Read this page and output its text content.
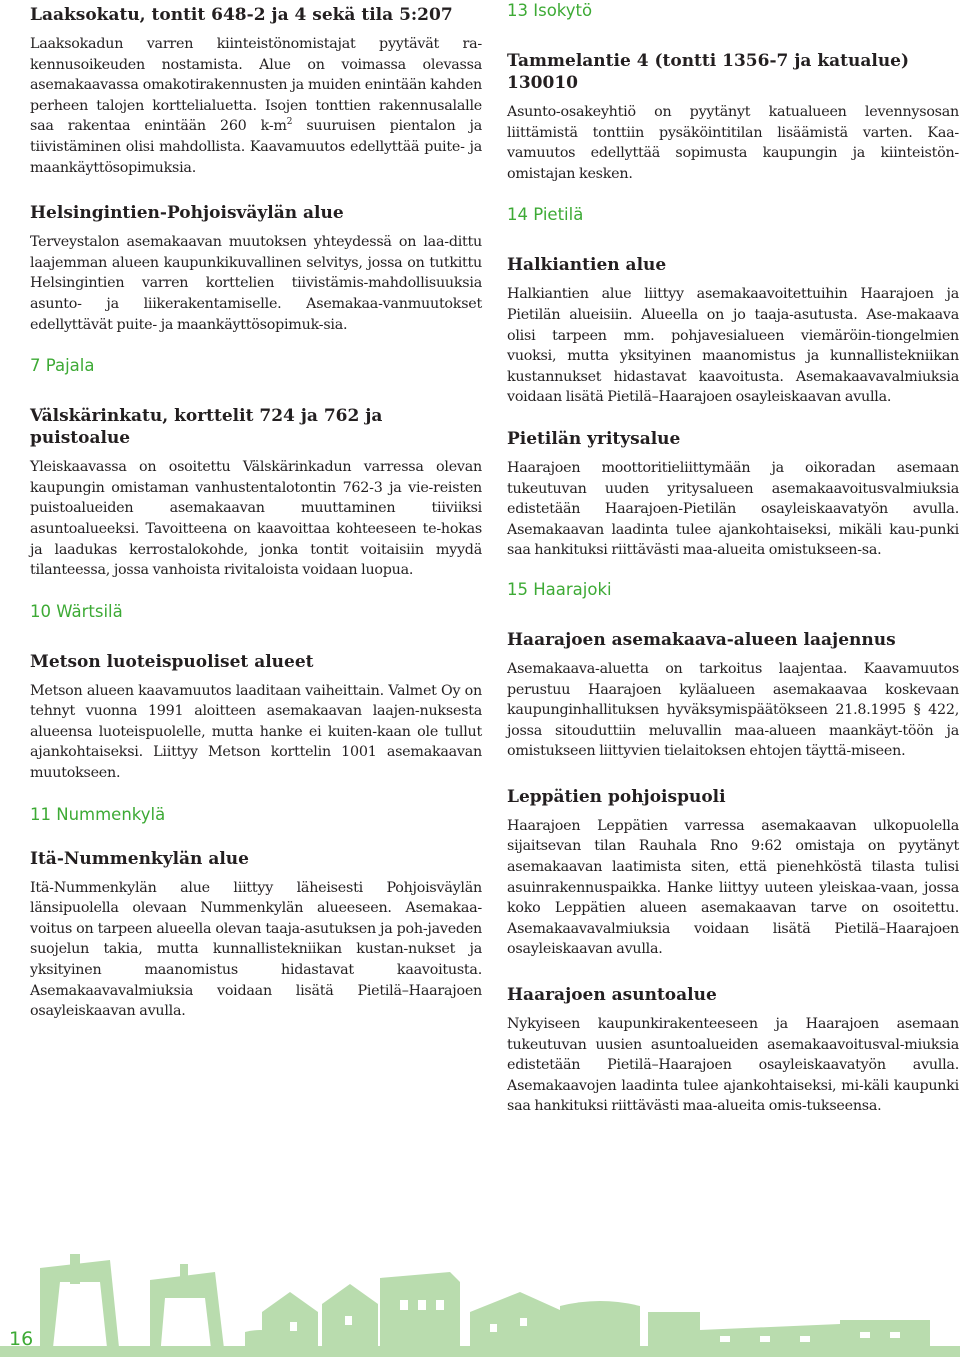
Laaksokatu, tontit 648-2 ja 4 sekä tila 5:207

Laaksokadun varren kiinteistönomistajat pyytävät ra-kennusoikeuden nostamista. Alue on voimassa olevassa asemakaavassa omakotirakennusten ja muiden enintään kahden perheen talojen korttelialuetta. Isojen tonttien rakennusalalle saa rakentaa enintään 260 $k-m^2$ suuruisen pientalon ja tiivistäminen olisi mahdollista. Kaavamuutos edellyttää puite- ja maankäyttösopimuksia.

Helsingintien-Pohjoisväylän alue

Terveystalon asemakaavan muutoksen yhteydessä on laa-dittu laajemman alueen kaupunkikuvallinen selvitys, jossa on tutkittu Helsingintien varren korttelien tiivistämis-mahdollisuuksia asunto- ja liikerakentamiselle. Asemakaa-vanmuutokset edellyttävät puite- ja maankäyttösopimuk-sia.

7 Pajala
Välskärinkatu, korttelit 724 ja 762 ja puistoalue

Yleiskaavassa on osoitettu Välskärinkadun varressa olevan kaupungin omistaman vanhustentalotontin 762-3 ja vie-reisten puistoalueiden asemakaavan muuttaminen tiiviiksi asuntoalueeksi. Tavoitteena on kaavoittaa kohteeseen te-hokas ja laadukas kerrostalokohde, jonka tontit voitaisiin myydä tilanteessa, jossa vanhoista rivitaloista voidaan luopua.

10 Wärtsilä
Metson luoteispuoliset alueet

Metson alueen kaavamuutos laaditaan vaiheittain. Valmet Oy on tehnyt vuonna 1991 aloitteen asemakaavan laajen-nuksesta alueensa luoteispuolelle, mutta hanke ei kuiten-kaan ole tullut ajankohtaiseksi. Liittyy Metson korttelin 1001 asemakaavan muutokseen.

11 Nummenkylä
Itä-Nummenkylän alue

Itä-Nummenkylän alue liittyy läheisesti Pohjoisväylän länsipuolella olevaan Nummenkylän alueeseen. Asemakaa-voitus on tarpeen alueella olevan taaja-asutuksen ja poh-javeden suojelun takia, mutta kunnallistekniikan kustan-nukset ja yksityinen maanomistus hidastavat kaavoitusta. Asemakaavavalmiuksia voidaan lisätä Pietilä–Haarajoen osayleiskaavan avulla.

13 Isokytö
Tammelantie 4 (tontti 1356-7 ja katualue) 130010

Asunto-osakeyhtiö on pyytänyt katualueen levennysosan liittämistä tonttiin pysäköintitilan lisäämistä varten. Kaa-vamuutos edellyttää sopimusta kaupungin ja kiinteistön-omistajan kesken.

14 Pietilä
Halkiantien alue

Halkiantien alue liittyy asemakaavoitettuihin Haarajoen ja Pietilän alueisiin. Alueella on jo taaja-asutusta. Ase-makaava olisi tarpeen mm. pohjavesialueen viemäröin-tiongelmien vuoksi, mutta yksityinen maanomistus ja kunnallistekniikan kustannukset hidastavat kaavoitusta. Asemakaavavalmiuksia voidaan lisätä Pietilä–Haarajoen osayleiskaavan avulla.

Pietilän yritysalue

Haarajoen moottoritieliittymään ja oikoradan asemaan tukeutuvan uuden yritysalueen asemakaavoitusvalmiuksia edistetään Haarajoen-Pietilän osayleiskaavatyön avulla. Asemakaavan laadinta tulee ajankohtaiseksi, mikäli kau-punki saa hankituksi riittävästi maa-alueita omistukseen-sa.

15 Haarajoki
Haarajoen asemakaava-alueen laajennus

Asemakaava-aluetta on tarkoitus laajentaa. Kaavamuutos perustuu Haarajoen kyläalueen asemakaavaa koskevaan kaupunginhallituksen hyväksymispäätökseen 21.8.1995 § 422, jossa sitouduttiin meluvallin maa-alueen maankäyt-töön ja omistukseen liittyvien tielaitoksen ehtojen täyttä-miseen.

Leppätien pohjoispuoli

Haarajoen Leppätien varressa asemakaavan ulkopuolella sijaitsevan tilan Rauhala Rno 9:62 omistaja on pyytänyt asemakaavan laatimista siten, että pienehköstä tilasta tulisi asuinrakennuspaikka. Hanke liittyy uuteen yleiskaa-vaan, jossa koko Leppätien alueen asemakaavan tarve on osoitettu. Asemakaavavalmiuksia voidaan lisätä Pietilä–Haarajoen osayleiskaavan avulla.

Haarajoen asuntoalue

Nykyiseen kaupunkirakenteeseen ja Haarajoen asemaan tukeutuvan uusien asuntoalueiden asemakaavoitusval-miuksia edistetään Pietilä–Haarajoen osayleiskaavatyön avulla. Asemakaavojen laadinta tulee ajankohtaiseksi, mi-käli kaupunki saa hankituksi riittävästi maa-alueita omis-tukseensa.

16
